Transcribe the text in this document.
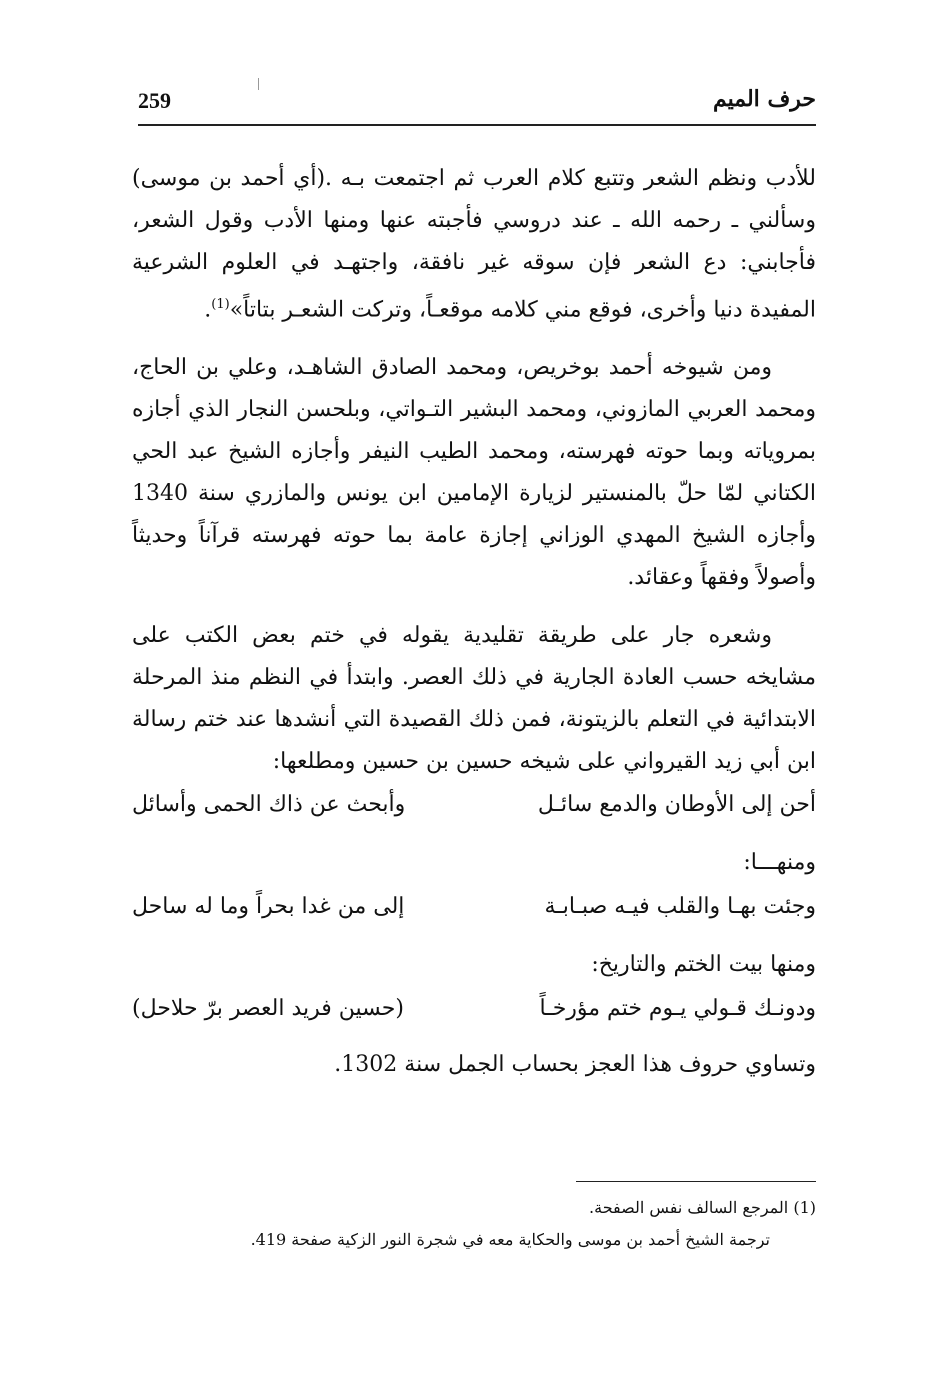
259	حرف الميم

للأدب ونظم الشعر وتتبع كلام العرب ثم اجتمعت بـه .(أي أحمد بن موسى) وسألني ـ رحمه الله ـ عند دروسي فأجبته عنها ومنها الأدب وقول الشعر، فأجابني: دع الشعر فإن سوقه غير نافقة، واجتهـد في العلوم الشرعية المفيدة دنيا وأخرى، فوقع مني كلامه موقعـاً، وتركت الشعـر بتاتاً»$^{(1)}$.

ومن شيوخه أحمد بوخريص، ومحمد الصادق الشاهـد، وعلي بن الحاج، ومحمد العربي المازوني، ومحمد البشير التـواتي، وبلحسن النجار الذي أجازه بمروياته وبما حوته فهرسته، ومحمد الطيب النيفر وأجازه الشيخ عبد الحي الكتاني لمّا حلّ بالمنستير لزيارة الإمامين ابن يونس والمازري سنة 1340 وأجازه الشيخ المهدي الوزاني إجازة عامة بما حوته فهرسته قرآناً وحديثاً وأصولاً وفقهاً وعقائد.

وشعره جار على طريقة تقليدية يقوله في ختم بعض الكتب على مشايخه حسب العادة الجارية في ذلك العصر. وابتدأ في النظم منذ المرحلة الابتدائية في التعلم بالزيتونة، فمن ذلك القصيدة التي أنشدها عند ختم رسالة ابن أبي زيد القيرواني على شيخه حسين بن حسين ومطلعها:

أحن إلى الأوطان والدمع سائـل
وأبحث عن ذاك الحمى وأسائل

ومنهـــا:

وجئت بهـا والقلب فيـه صبـابـة
إلى من غدا بحراً وما له ساحل

ومنها بيت الختم والتاريخ:

ودونـك قـولي يـوم ختم مؤرخـاً
(حسين فريد العصر برّ حلاحل)

وتساوي حروف هذا العجز بحساب الجمل سنة 1302.

(1) المرجع السالف نفس الصفحة.

ترجمة الشيخ أحمد بن موسى والحكاية معه في شجرة النور الزكية صفحة 419.
